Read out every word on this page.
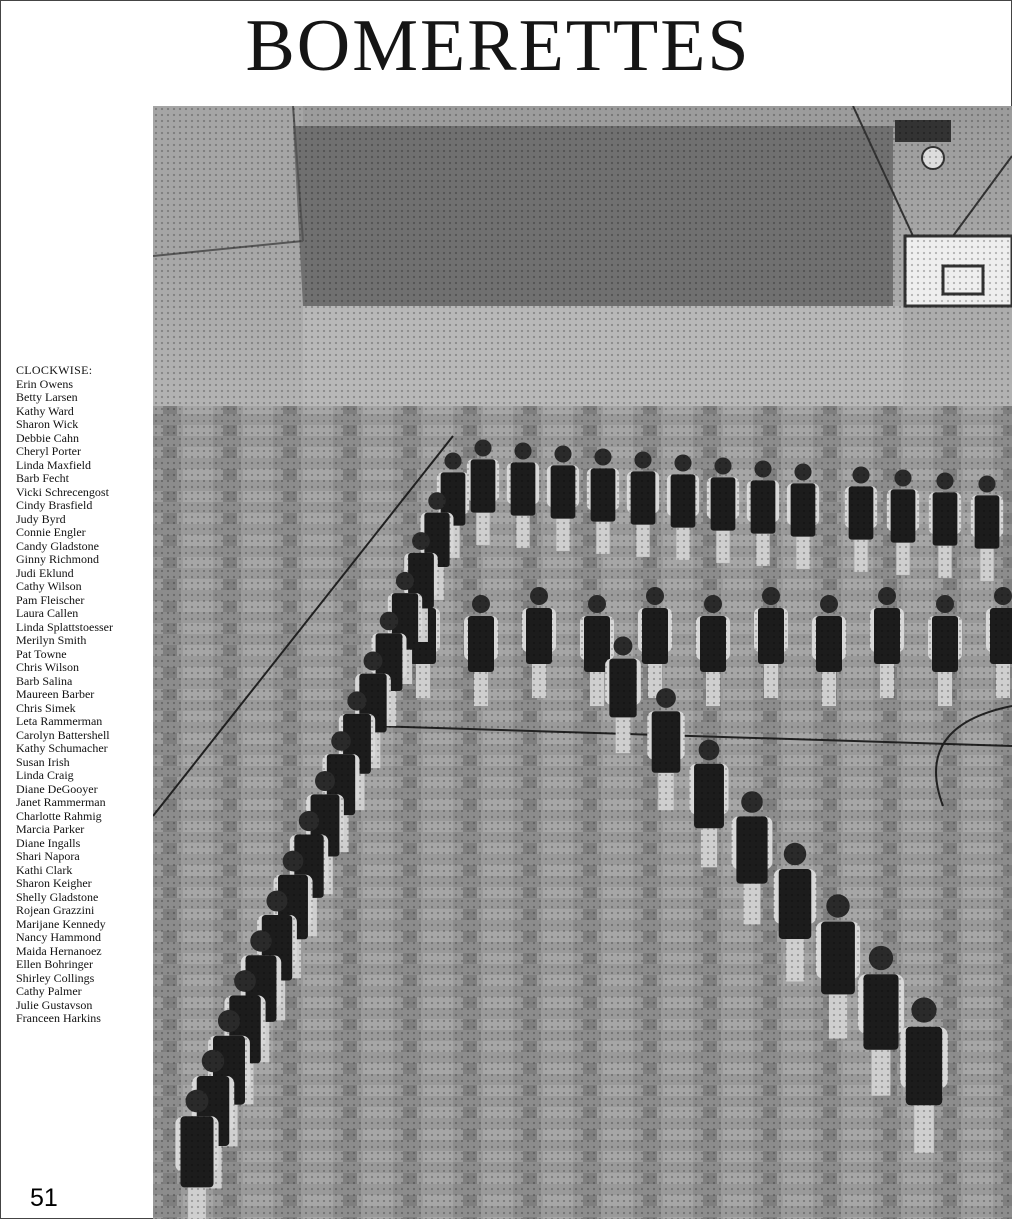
BOMERETTES
CLOCKWISE:
Erin Owens
Betty Larsen
Kathy Ward
Sharon Wick
Debbie Cahn
Cheryl Porter
Linda Maxfield
Barb Fecht
Vicki Schrecengost
Cindy Brasfield
Judy Byrd
Connie Engler
Candy Gladstone
Ginny Richmond
Judi Eklund
Cathy Wilson
Pam Fleischer
Laura Callen
Linda Splattstoesser
Merilyn Smith
Pat Towne
Chris Wilson
Barb Salina
Maureen Barber
Chris Simek
Leta Rammerman
Carolyn Battershell
Kathy Schumacher
Susan Irish
Linda Craig
Diane DeGooyer
Janet Rammerman
Charlotte Rahmig
Marcia Parker
Diane Ingalls
Shari Napora
Kathi Clark
Sharon Keigher
Shelly Gladstone
Rojean Grazzini
Marijane Kennedy
Nancy Hammond
Maida Hernanoez
Ellen Bohringer
Shirley Collings
Cathy Palmer
Julie Gustavson
Franceen Harkins
51
